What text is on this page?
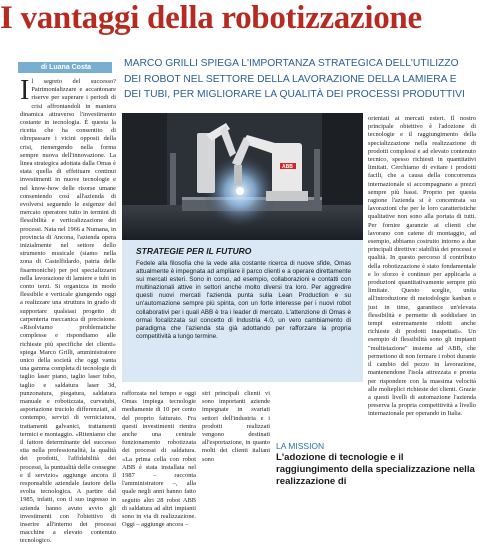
I vantaggi della robotizzazione
di Luana Costa	MARCO GRILLI SPIEGA L'IMPORTANZA STRATEGICA DELL'UTILIZZO DEI ROBOT NEL SETTORE DELLA LAVORAZIONE DELLA LAMIERA E DEI TUBI, PER MIGLIORARE LA QUALITÀ DEI PROCESSI PRODUTTIVI
I l segreto del successo? Patrimonializzare e accantonare riserve per superare i periodi di crisi affrontandoli in maniera dinamica attraverso l'investimento costante in tecnologia. È questa la ricetta che ha consentito di oltrepassare i vicini opposti della crisi, riemergendo nella forma sempre nuova dell'innovazione. La linea strategica adottata dalla Omas è stata quella di effettuare continui investimenti in nuove tecnologie e nel know-how delle risorse umane consentendo così all'azienda di evolversi seguendo le esigenze del mercato operatore tutto in termini di flessibilità e verticalizzazione dei processi. Nata nel 1966 a Numana, in provincia di Ancona, l'azienda opera inizialmente nel settore dello strumento musicale (siamo nella zona di Castelfidardo, patria delle fisarmoniche) per poi specializzarsi nella lavorazione di lamiere e tubi in conto terzi. Si organizza in modo flessibile e verticale giungendo oggi a realizzare una struttura in grado di supportare qualsiasi progetto di carpenteria meccanica di precisione. «Risolviamo problematiche complesse e rispondiamo alle richieste più specifiche dei clienti» spiega Marco Grilli, amministratore unico della società che oggi vanta una gamma completa di tecnologie di taglio laser piano, taglio laser tubo, taglio e saldatura laser 3d, punzonatura, piegatura, saldatura manuale e robotizzata, curvatubi, asportazione truciolo differenziati, al contempo, servizi di verniciatura, trattamenti galvanici, trattamenti termici e montaggio. «Riteniamo che il fattore determinante del successo stia nella professionalità, la qualità dei prodotti, l'affidabilità dei processi, la puntualità delle consegne e il servizio» aggiunge ancora il responsabile aziendale fautore della svolta tecnologica. A partire dal 1985, infatti, con il suo ingresso in azienda hanno avuto avvio gli investimenti con l'obiettivo di inserire all'interno dei processi macchine a elevato contenuto tecnologico.
ABB
STRATEGIE PER IL FUTURO
Fedele alla filosofia che la vede alla costante ricerca di nuove sfide, Omas attualmente è impegnata ad ampliare il parco clienti e a operare direttamente sui mercati esteri. Sono in corso, ad esempio, collaborazioni e contatti con multinazionali attive in settori anche molto diversi tra loro. Per aggredire questi nuovi mercati l'azienda punta sulla Lean Production e su un'automazione sempre più spinta, con un forte interesse per i nuovi robot collaborativi per i quali ABB è tra i leader di mercato. L'attenzione di Omas è ormai focalizzata sul concetto di Industria 4.0, un vero cambiamento di paradigma che l'azienda sta già adottando per rafforzare la propria competitività a lungo termine.
rafforzata nel tempo e oggi Omas impiega tecnologie mediamente di 10 per cento del proprio fatturato. Fra questi investimenti rientra anche una centrale funzionamento robotizzata dei processi di saldatura. «La prima cella con robot ABB è stata installata nel 1987 – racconta l'amministratore –, alla quale negli anni hanno fatto seguito altri 28 robot ABB di saldatura ad altri impianti sono in via di realizzazione. Oggi – aggiunge ancora –
stri principali clienti vi sono importanti aziende impegnate in svariati settori dell'industria e i prodotti realizzati vengono destinati all'esportazione, in quanto molti dei clienti italiani sono
orientati ai mercati esteri. Il nostro principale obiettivo è l'adozione di tecnologie e il raggiungimento della specializzazione nella realizzazione di prodotti complessi e ad elevato contenuto tecnico, spesso richiesti in quantitativi limitati. Cerchiamo di evitare i prodotti facili, che a causa della concorrenza internazionale si accompagnano a prezzi sempre più bassi. Proprio per questa ragione l'azienda si è concentrata su lavorazioni che per le loro caratteristiche qualitative non sono alla portata di tutti. Per fornire garanzie ai clienti che lavorano con catene di montaggio, ad esempio, abbiamo costruito intorno a due principali direttive: stabilità dei processi e qualità. In questo percorso il contributo della robotizzazione è stato fondamentale e lo sforzo è continuo per applicarla a produzioni quantitativamente sempre più limitate. Questo sceglie, unita all'introduzione di metodologie kanban e just in time, garantisce un'elevata flessibilità e permette di soddisfare in tempi estremamente ridotti anche richieste di prodotti inaspettati». Un esempio di flessibilità sono gli impianti "multistazione" insieme ad ABB, che permettono di non fermare i robot durante il cambio del pezzo in lavorazione, mantenendone l'isola attrezzata e pronta per rispondere con la massima velocità alle molteplici richieste dei clienti. Grazie a questi livelli di automazione l'azienda preserva la propria competitività a livello internazionale per operando in Italia.
LA MISSION
L'adozione di tecnologie e il raggiungimento della specializzazione nella realizzazione di
